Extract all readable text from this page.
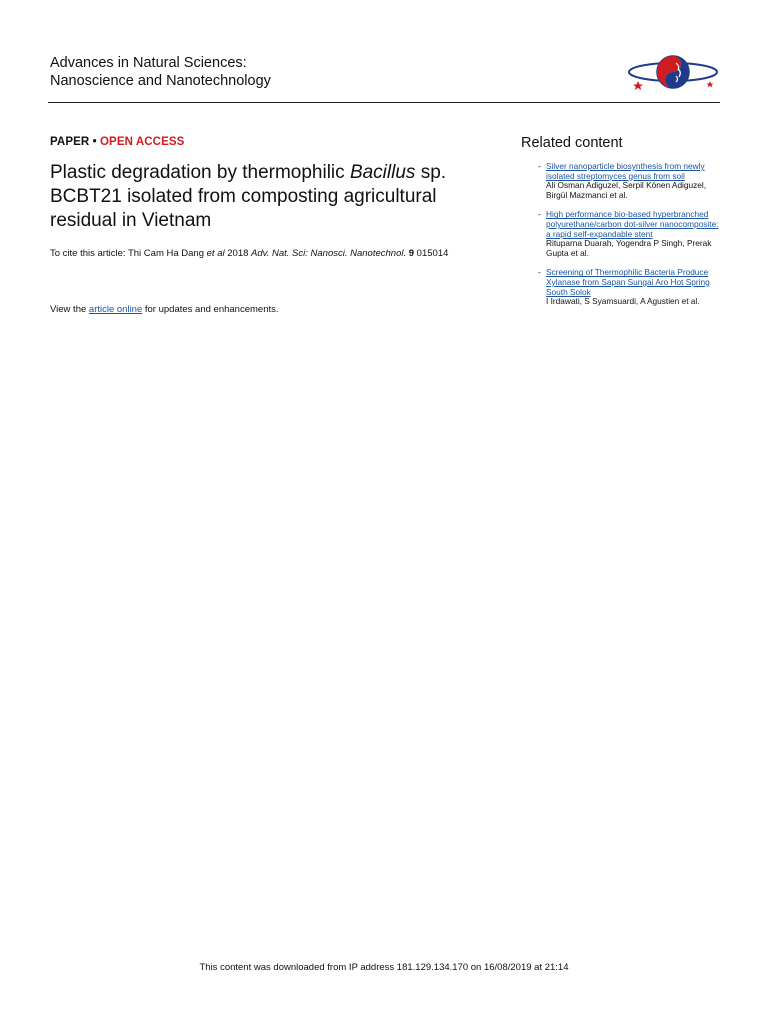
Advances in Natural Sciences:
Nanoscience and Nanotechnology
PAPER • OPEN ACCESS
Plastic degradation by thermophilic Bacillus sp. BCBT21 isolated from composting agricultural residual in Vietnam
To cite this article: Thi Cam Ha Dang et al 2018 Adv. Nat. Sci: Nanosci. Nanotechnol. 9 015014
View the article online for updates and enhancements.
Related content
- Silver nanoparticle biosynthesis from newly isolated streptomyces genus from soil
Ali Osman Adiguzel, Serpil Könen Adiguzel, Birgül Mazmanci et al.
- High performance bio-based hyperbranched polyurethane/carbon dot-silver nanocomposite: a rapid self-expandable stent
Rituparna Duarah, Yogendra P Singh, Prerak Gupta et al.
- Screening of Thermophilic Bacteria Produce Xylanase from Sapan Sungai Aro Hot Spring South Solok
I Irdawati, S Syamsuardi, A Agustien et al.
This content was downloaded from IP address 181.129.134.170 on 16/08/2019 at 21:14
